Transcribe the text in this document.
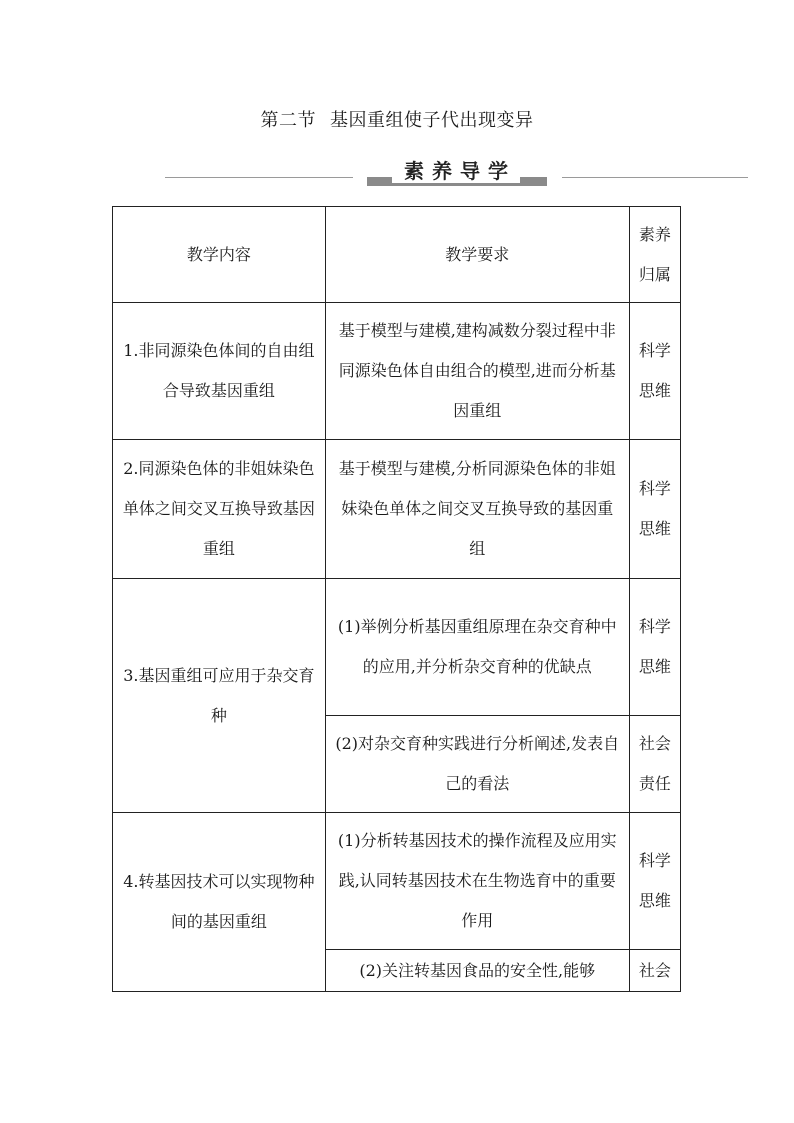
第二节 基因重组使子代出现变异
素养导学
教学内容	教学要求	素养归属
1.非同源染色体间的自由组合导致基因重组	基于模型与建模,建构减数分裂过程中非同源染色体自由组合的模型,进而分析基因重组	科学思维
2.同源染色体的非姐妹染色单体之间交叉互换导致基因重组	基于模型与建模,分析同源染色体的非姐妹染色单体之间交叉互换导致的基因重组	科学思维
3.基因重组可应用于杂交育种	(1)举例分析基因重组原理在杂交育种中的应用,并分析杂交育种的优缺点	科学思维
	(2)对杂交育种实践进行分析阐述,发表自己的看法	社会责任
4.转基因技术可以实现物种间的基因重组	(1)分析转基因技术的操作流程及应用实践,认同转基因技术在生物选育中的重要作用	科学思维
	(2)关注转基因食品的安全性,能够	社会
